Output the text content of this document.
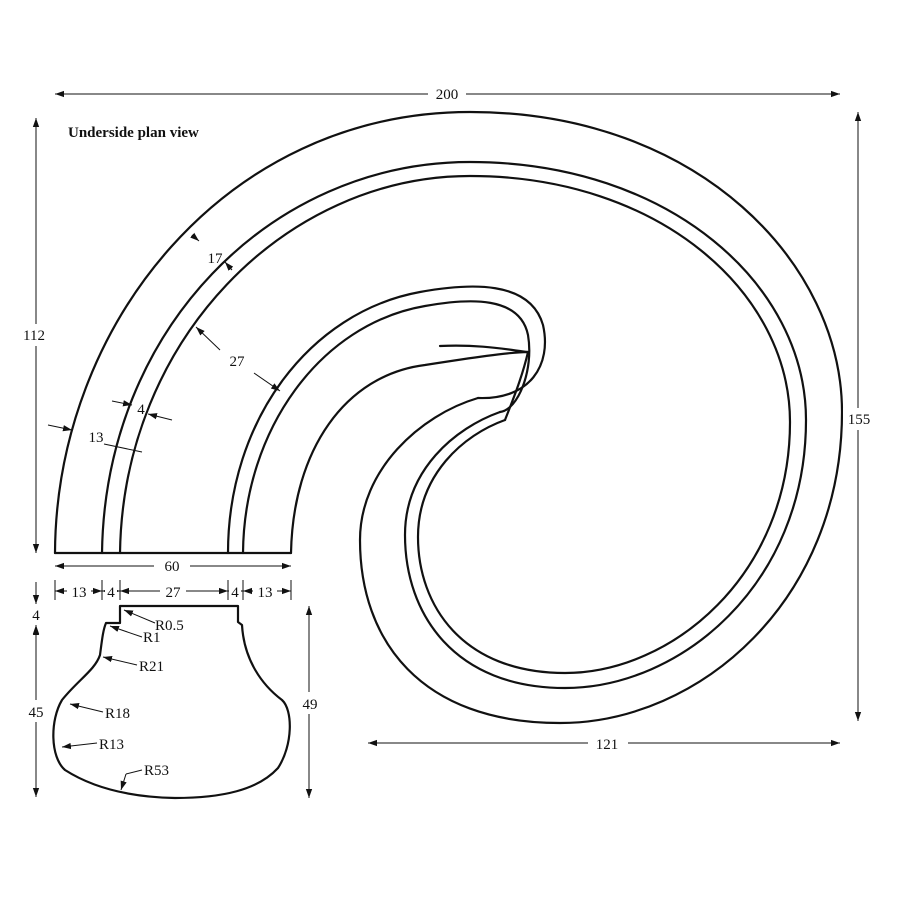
Underside plan view
200
112
155
121
60
13
4
17
27
13 4	27	4 13
4
45	49
R0.5
R1
R21
R18
R13
R53
